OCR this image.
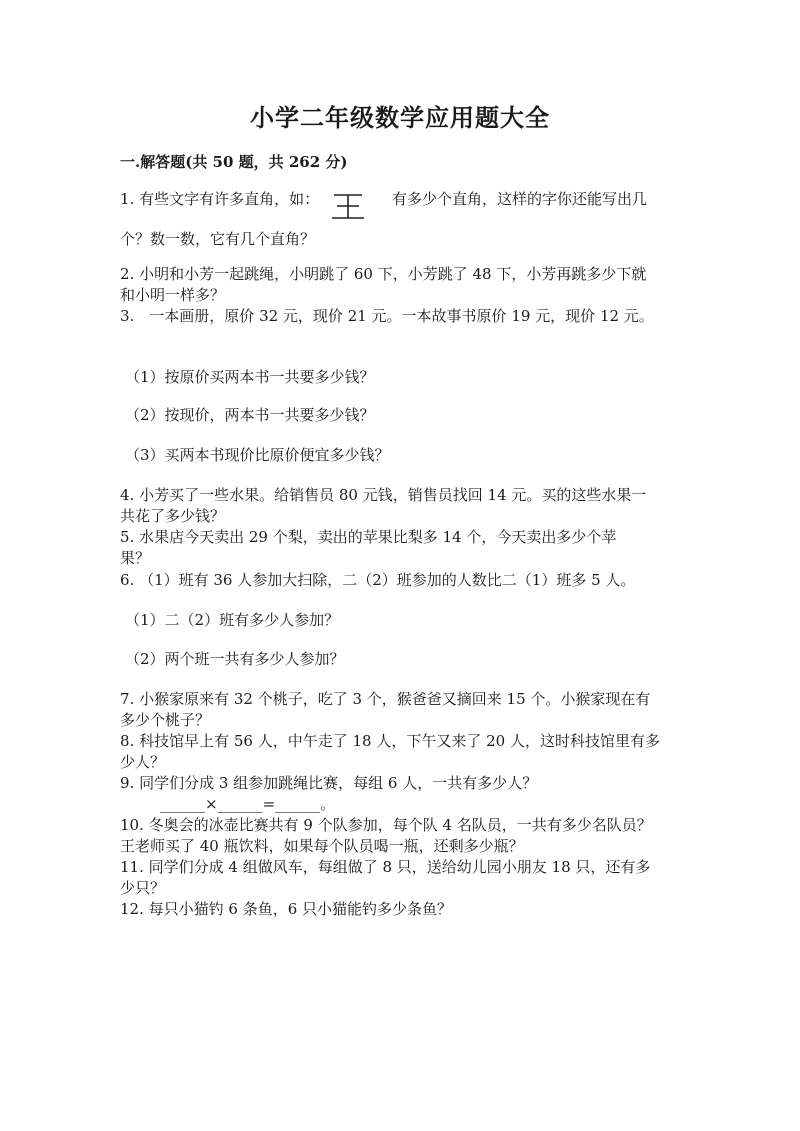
小学二年级数学应用题大全
一.解答题(共 50 题，共 262 分)
1. 有些文字有许多直角，如：	有多少个直角，这样的字你还能写出几
个？数一数，它有几个直角？
2. 小明和小芳一起跳绳，小明跳了 60 下，小芳跳了 48 下，小芳再跳多少下就
和小明一样多？
3.　一本画册，原价 32 元，现价 21 元。一本故事书原价 19 元，现价 12 元。
（1）按原价买两本书一共要多少钱？
（2）按现价，两本书一共要多少钱？
（3）买两本书现价比原价便宜多少钱？
4. 小芳买了一些水果。给销售员 80 元钱，销售员找回 14 元。买的这些水果一
共花了多少钱？
5. 水果店今天卖出 29 个梨，卖出的苹果比梨多 14 个，今天卖出多少个苹
果？
6. （1）班有 36 人参加大扫除，二（2）班参加的人数比二（1）班多 5 人。
（1）二（2）班有多少人参加？
（2）两个班一共有多少人参加？
7. 小猴家原来有 32 个桃子，吃了 3 个，猴爸爸又摘回来 15 个。小猴家现在有
多少个桃子？
8. 科技馆早上有 56 人，中午走了 18 人，下午又来了 20 人，这时科技馆里有多
少人？
9. 同学们分成 3 组参加跳绳比赛，每组 6 人，一共有多少人？
______×______=______。
10. 冬奥会的冰壶比赛共有 9 个队参加，每个队 4 名队员，一共有多少名队员？
王老师买了 40 瓶饮料，如果每个队员喝一瓶，还剩多少瓶？
11. 同学们分成 4 组做风车，每组做了 8 只，送给幼儿园小朋友 18 只，还有多
少只？
12. 每只小猫钓 6 条鱼，6 只小猫能钓多少条鱼？
